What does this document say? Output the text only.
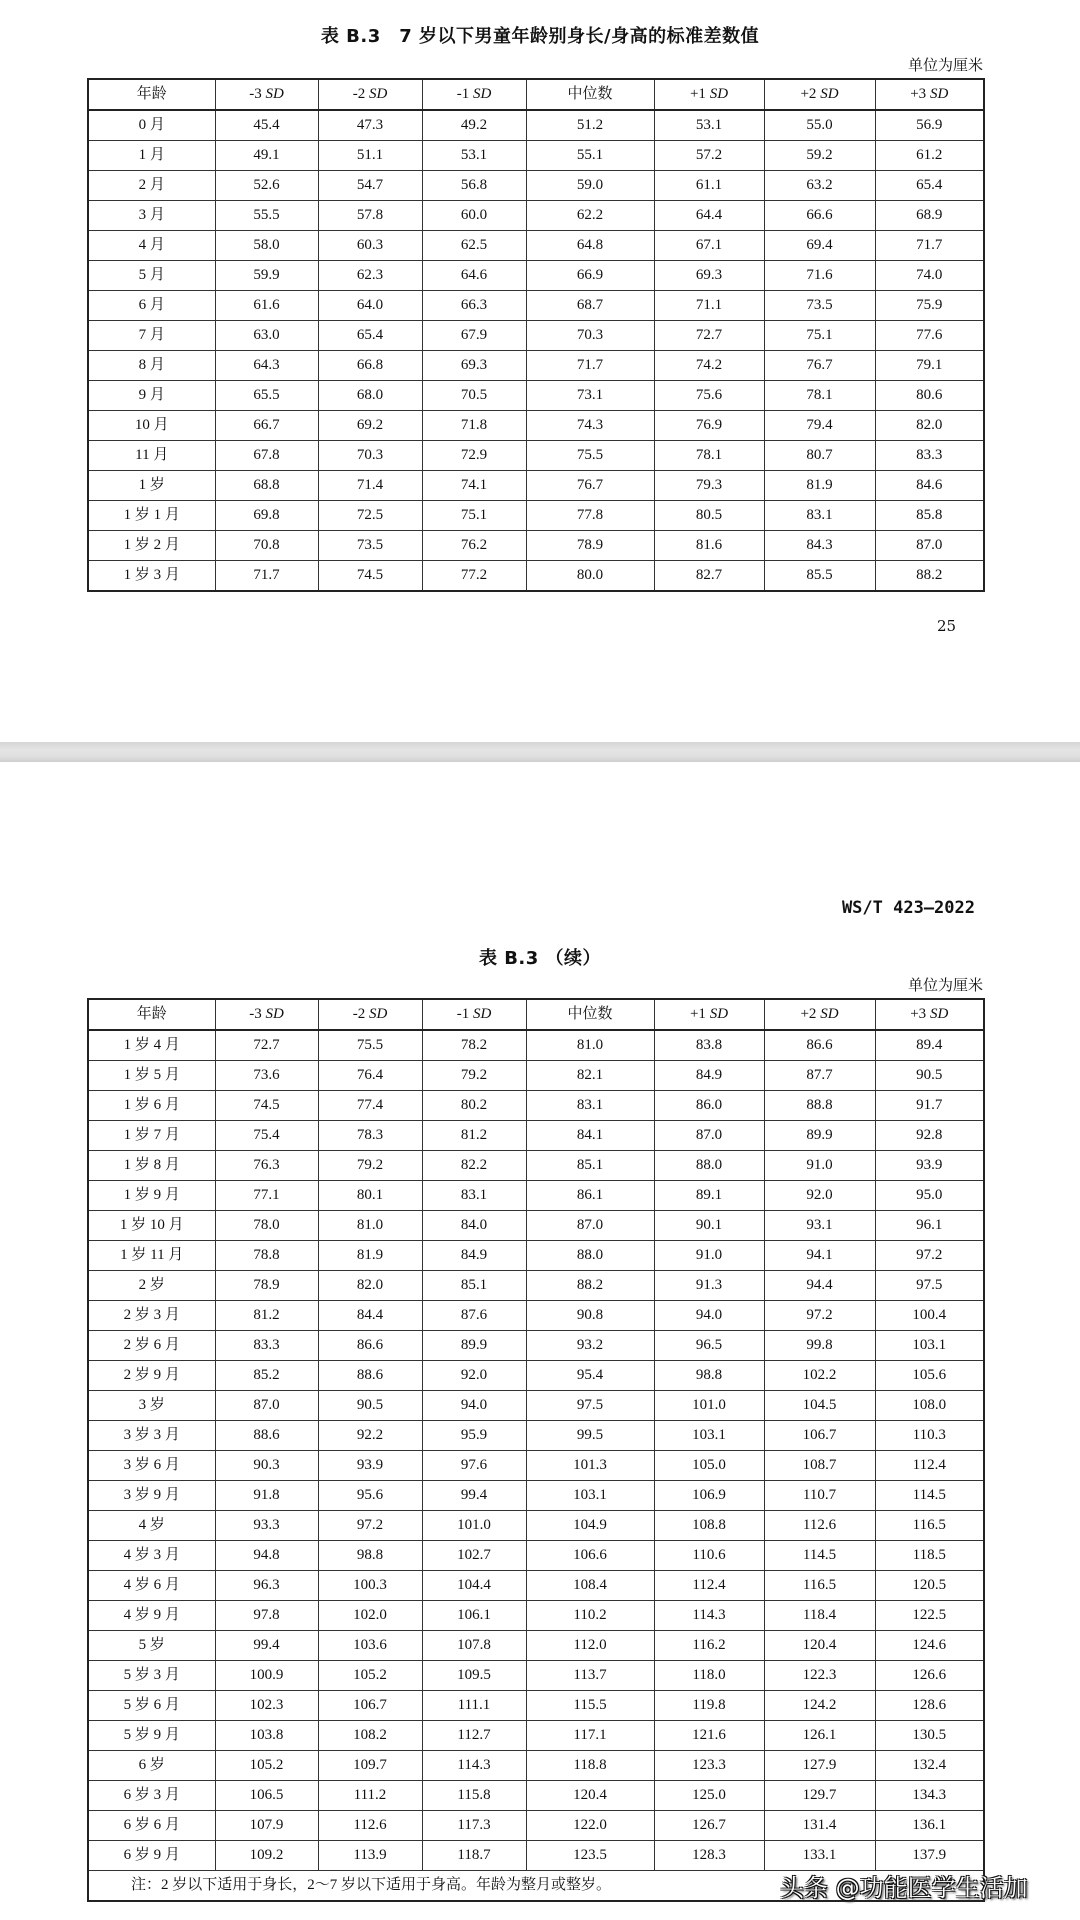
表 B.3　7 岁以下男童年龄别身长/身高的标准差数值
单位为厘米
年龄	-3 SD	-2 SD	-1 SD	中位数	+1 SD	+2 SD	+3 SD
0 月	45.4	47.3	49.2	51.2	53.1	55.0	56.9
1 月	49.1	51.1	53.1	55.1	57.2	59.2	61.2
2 月	52.6	54.7	56.8	59.0	61.1	63.2	65.4
3 月	55.5	57.8	60.0	62.2	64.4	66.6	68.9
4 月	58.0	60.3	62.5	64.8	67.1	69.4	71.7
5 月	59.9	62.3	64.6	66.9	69.3	71.6	74.0
6 月	61.6	64.0	66.3	68.7	71.1	73.5	75.9
7 月	63.0	65.4	67.9	70.3	72.7	75.1	77.6
8 月	64.3	66.8	69.3	71.7	74.2	76.7	79.1
9 月	65.5	68.0	70.5	73.1	75.6	78.1	80.6
10 月	66.7	69.2	71.8	74.3	76.9	79.4	82.0
11 月	67.8	70.3	72.9	75.5	78.1	80.7	83.3
1 岁	68.8	71.4	74.1	76.7	79.3	81.9	84.6
1 岁 1 月	69.8	72.5	75.1	77.8	80.5	83.1	85.8
1 岁 2 月	70.8	73.5	76.2	78.9	81.6	84.3	87.0
1 岁 3 月	71.7	74.5	77.2	80.0	82.7	85.5	88.2
25
WS/T 423—2022
表 B.3 （续）
单位为厘米
年龄	-3 SD	-2 SD	-1 SD	中位数	+1 SD	+2 SD	+3 SD
1 岁 4 月	72.7	75.5	78.2	81.0	83.8	86.6	89.4
1 岁 5 月	73.6	76.4	79.2	82.1	84.9	87.7	90.5
1 岁 6 月	74.5	77.4	80.2	83.1	86.0	88.8	91.7
1 岁 7 月	75.4	78.3	81.2	84.1	87.0	89.9	92.8
1 岁 8 月	76.3	79.2	82.2	85.1	88.0	91.0	93.9
1 岁 9 月	77.1	80.1	83.1	86.1	89.1	92.0	95.0
1 岁 10 月	78.0	81.0	84.0	87.0	90.1	93.1	96.1
1 岁 11 月	78.8	81.9	84.9	88.0	91.0	94.1	97.2
2 岁	78.9	82.0	85.1	88.2	91.3	94.4	97.5
2 岁 3 月	81.2	84.4	87.6	90.8	94.0	97.2	100.4
2 岁 6 月	83.3	86.6	89.9	93.2	96.5	99.8	103.1
2 岁 9 月	85.2	88.6	92.0	95.4	98.8	102.2	105.6
3 岁	87.0	90.5	94.0	97.5	101.0	104.5	108.0
3 岁 3 月	88.6	92.2	95.9	99.5	103.1	106.7	110.3
3 岁 6 月	90.3	93.9	97.6	101.3	105.0	108.7	112.4
3 岁 9 月	91.8	95.6	99.4	103.1	106.9	110.7	114.5
4 岁	93.3	97.2	101.0	104.9	108.8	112.6	116.5
4 岁 3 月	94.8	98.8	102.7	106.6	110.6	114.5	118.5
4 岁 6 月	96.3	100.3	104.4	108.4	112.4	116.5	120.5
4 岁 9 月	97.8	102.0	106.1	110.2	114.3	118.4	122.5
5 岁	99.4	103.6	107.8	112.0	116.2	120.4	124.6
5 岁 3 月	100.9	105.2	109.5	113.7	118.0	122.3	126.6
5 岁 6 月	102.3	106.7	111.1	115.5	119.8	124.2	128.6
5 岁 9 月	103.8	108.2	112.7	117.1	121.6	126.1	130.5
6 岁	105.2	109.7	114.3	118.8	123.3	127.9	132.4
6 岁 3 月	106.5	111.2	115.8	120.4	125.0	129.7	134.3
6 岁 6 月	107.9	112.6	117.3	122.0	126.7	131.4	136.1
6 岁 9 月	109.2	113.9	118.7	123.5	128.3	133.1	137.9
注：2 岁以下适用于身长，2～7 岁以下适用于身高。年龄为整月或整岁。								头条 @功能医学生活加
